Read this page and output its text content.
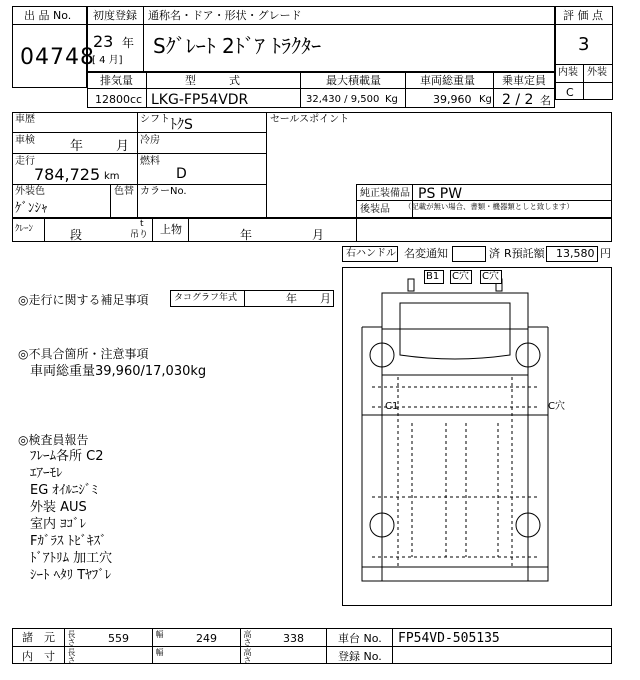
出 品 No.
04748
初度登録 通称名・ドア・形状・グレード
23 年
[ 4 月]
Sｸﾞﾚｰﾄ 2ﾄﾞｱ ﾄﾗｸﾀｰ
評 価 点
3
内装 外装
C
排気量	型　　　式	最大積載量	車両総重量 乗車定員
12800 cc LKG-FP54VDR	32,430 / 9,500 Kg	39,960 Kg 2 / 2 名
車歴	シフト ﾄｸS	セールスポイント
車検	年	月 冷房
走行
784,725 km
燃料
D
外装色
ｹﾞﾝｼｬ
色替 カラーNo.	純正装備品 PS PW
後装品 （記載が無い場合、書類・機器類としと致します）
ｸﾚｰﾝ	段
t
吊り 上物	年	月
右ハンドル 名変通知	済 R預託額 13,580 円
◎走行に関する補足事項	タコグラフ年式	年 月
◎不具合箇所・注意事項
車両総重量39,960/17,030kg
◎検査員報告
ﾌﾚｰﾑ各所 C2
ｴｱｰﾓﾚ
EG ｵｲﾙﾆｼﾞﾐ
外装 AUS
室内 ﾖｺﾞﾚ
Fｶﾞﾗｽ ﾄﾋﾞｷｽﾞ
ﾄﾞｱﾄﾘﾑ 加工穴
ｼｰﾄ ﾍﾀﾘ Tﾔﾌﾞﾚ
B1 C穴 C穴
C1	C穴
諸　元 長さ	559	幅	249	高さ	338	車台 No. FP54VD-505135
内　寸 長さ	幅	高さ	登録 No.
